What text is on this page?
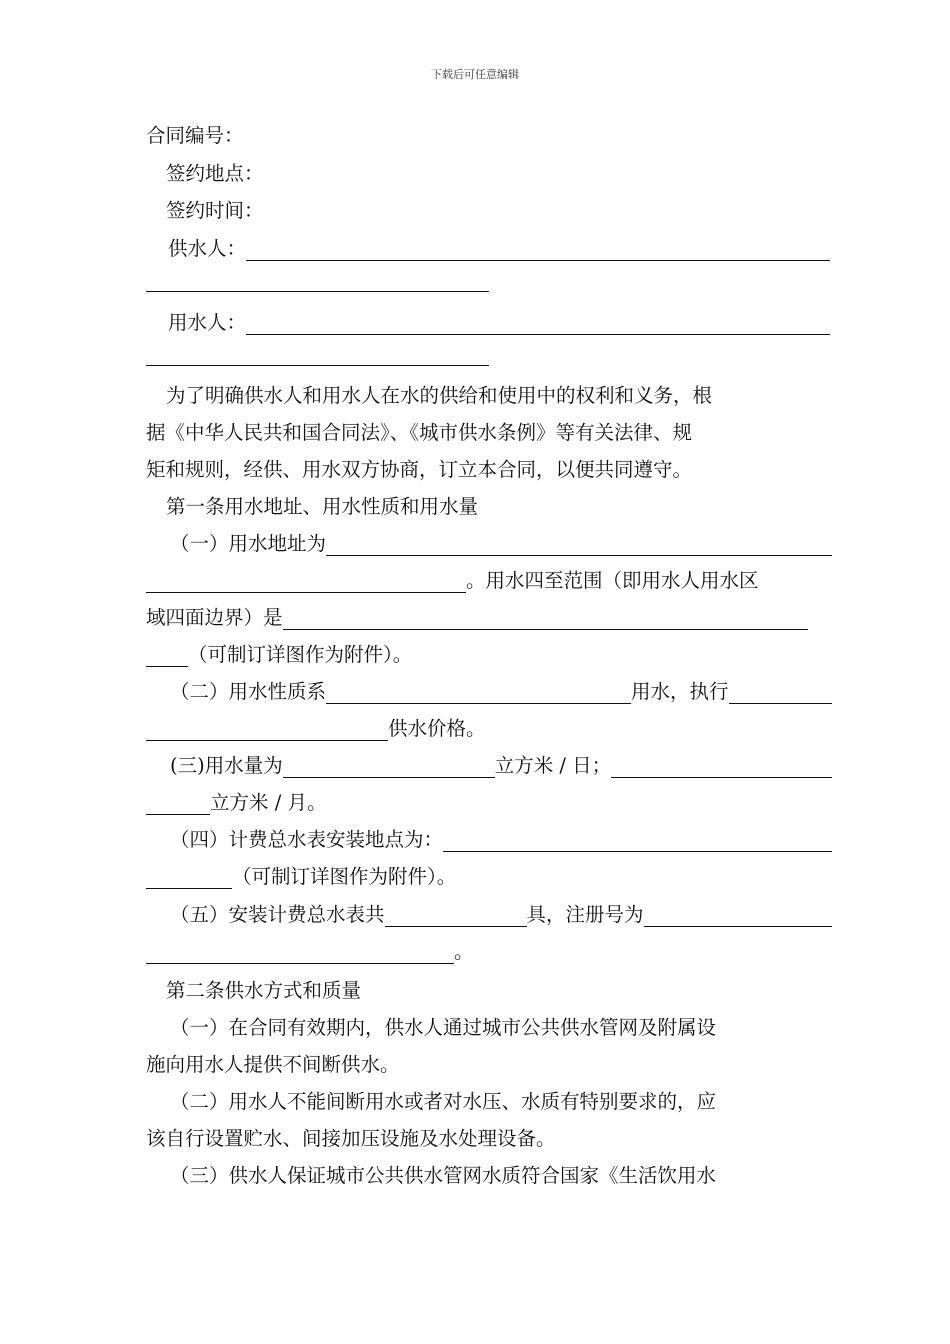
下载后可任意编辑
合同编号：
签约地点：
签约时间：
供水人：
用水人：
为了明确供水人和用水人在水的供给和使用中的权利和义务，根
据《中华人民共和国合同法》、《城市供水条例》等有关法律、规
矩和规则，经供、用水双方协商，订立本合同，以便共同遵守。
第一条用水地址、用水性质和用水量
（一）用水地址为
。用水四至范围（即用水人用水区
域四面边界）是
（可制订详图作为附件）。
（二）用水性质系	用水，执行
供水价格。
(三)用水量为	立方米 / 日；
立方米 / 月。
（四）计费总水表安装地点为：
（可制订详图作为附件）。
（五）安装计费总水表共	具，注册号为
。
第二条供水方式和质量
（一）在合同有效期内，供水人通过城市公共供水管网及附属设
施向用水人提供不间断供水。
（二）用水人不能间断用水或者对水压、水质有特别要求的，应
该自行设置贮水、间接加压设施及水处理设备。
（三）供水人保证城市公共供水管网水质符合国家《生活饮用水
